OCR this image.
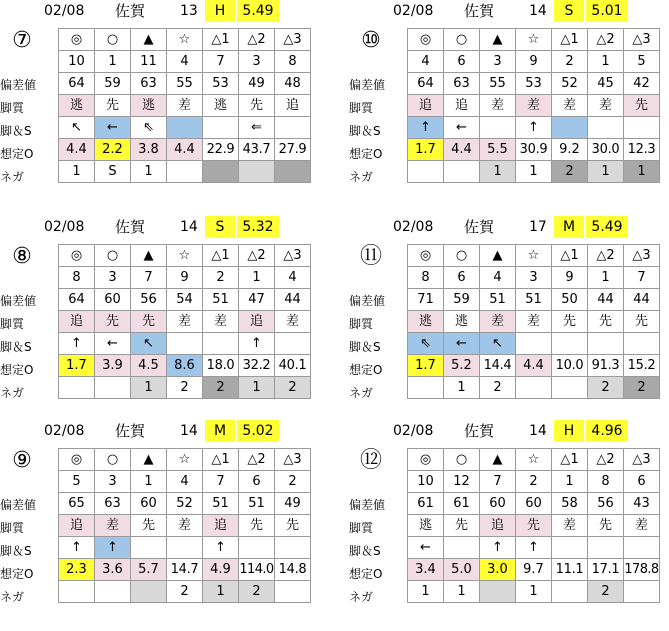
02/08 佐賀 13	H	5.49
⑦
偏差値
脚質
脚＆S
想定O
ネガ
◎	○	▲	☆	△1	△2	△3
10	1	11	4	7	3	8
64	59	63	55	53	49	48
逃	先	逃	差	逃	先	追
↖	←	⇖			⇐	
4.4	2.2	3.8	4.4	22.9	43.7	27.9
1	S	1				
02/08 佐賀 14	S	5.01
⑩
偏差値
脚質
脚＆S
想定O
ネガ
◎	○	▲	☆	△1	△2	△3
4	6	3	9	2	1	5
64	63	55	53	52	45	42
追	追	差	差	差	差	先
↑	←		↑			
1.7	4.4	5.5	30.9	9.2	30.0	12.3
		1	1	2	1	1
02/08 佐賀 14	S	5.32
⑧
偏差値
脚質
脚＆S
想定O
ネガ
◎	○	▲	☆	△1	△2	△3
8	3	7	9	2	1	4
64	60	56	54	51	47	44
追	先	先	差	差	追	差
↑	←	↖			↑	
1.7	3.9	4.5	8.6	18.0	32.2	40.1
		1	2	2	1	2
02/08 佐賀 17	M	5.49
⑪
偏差値
脚質
脚＆S
想定O
ネガ
◎	○	▲	☆	△1	△2	△3
8	6	4	3	9	1	7
71	59	51	51	50	44	44
逃	逃	差	差	先	先	先
⇖	←	↖				
1.7	5.2	14.4	4.4	10.0	91.3	15.2
	1	2			2	2
02/08 佐賀 14	M	5.02
⑨
偏差値
脚質
脚＆S
想定O
ネガ
◎	○	▲	☆	△1	△2	△3
5	3	1	4	7	6	2
65	63	60	52	51	51	49
追	差	先	差	追	先	先
↑	↑			↑		
2.3	3.6	5.7	14.7	4.9	114.0	14.8
			2	1	2	
02/08 佐賀 14	H	4.96
⑫
偏差値
脚質
脚＆S
想定O
ネガ
◎	○	▲	☆	△1	△2	△3
10	12	7	2	1	8	6
61	61	60	60	58	56	43
逃	先	追	先	差	先	差
←		↑	↑			
3.4	5.0	3.0	9.7	11.1	17.1	178.8
1	1		1		2	
